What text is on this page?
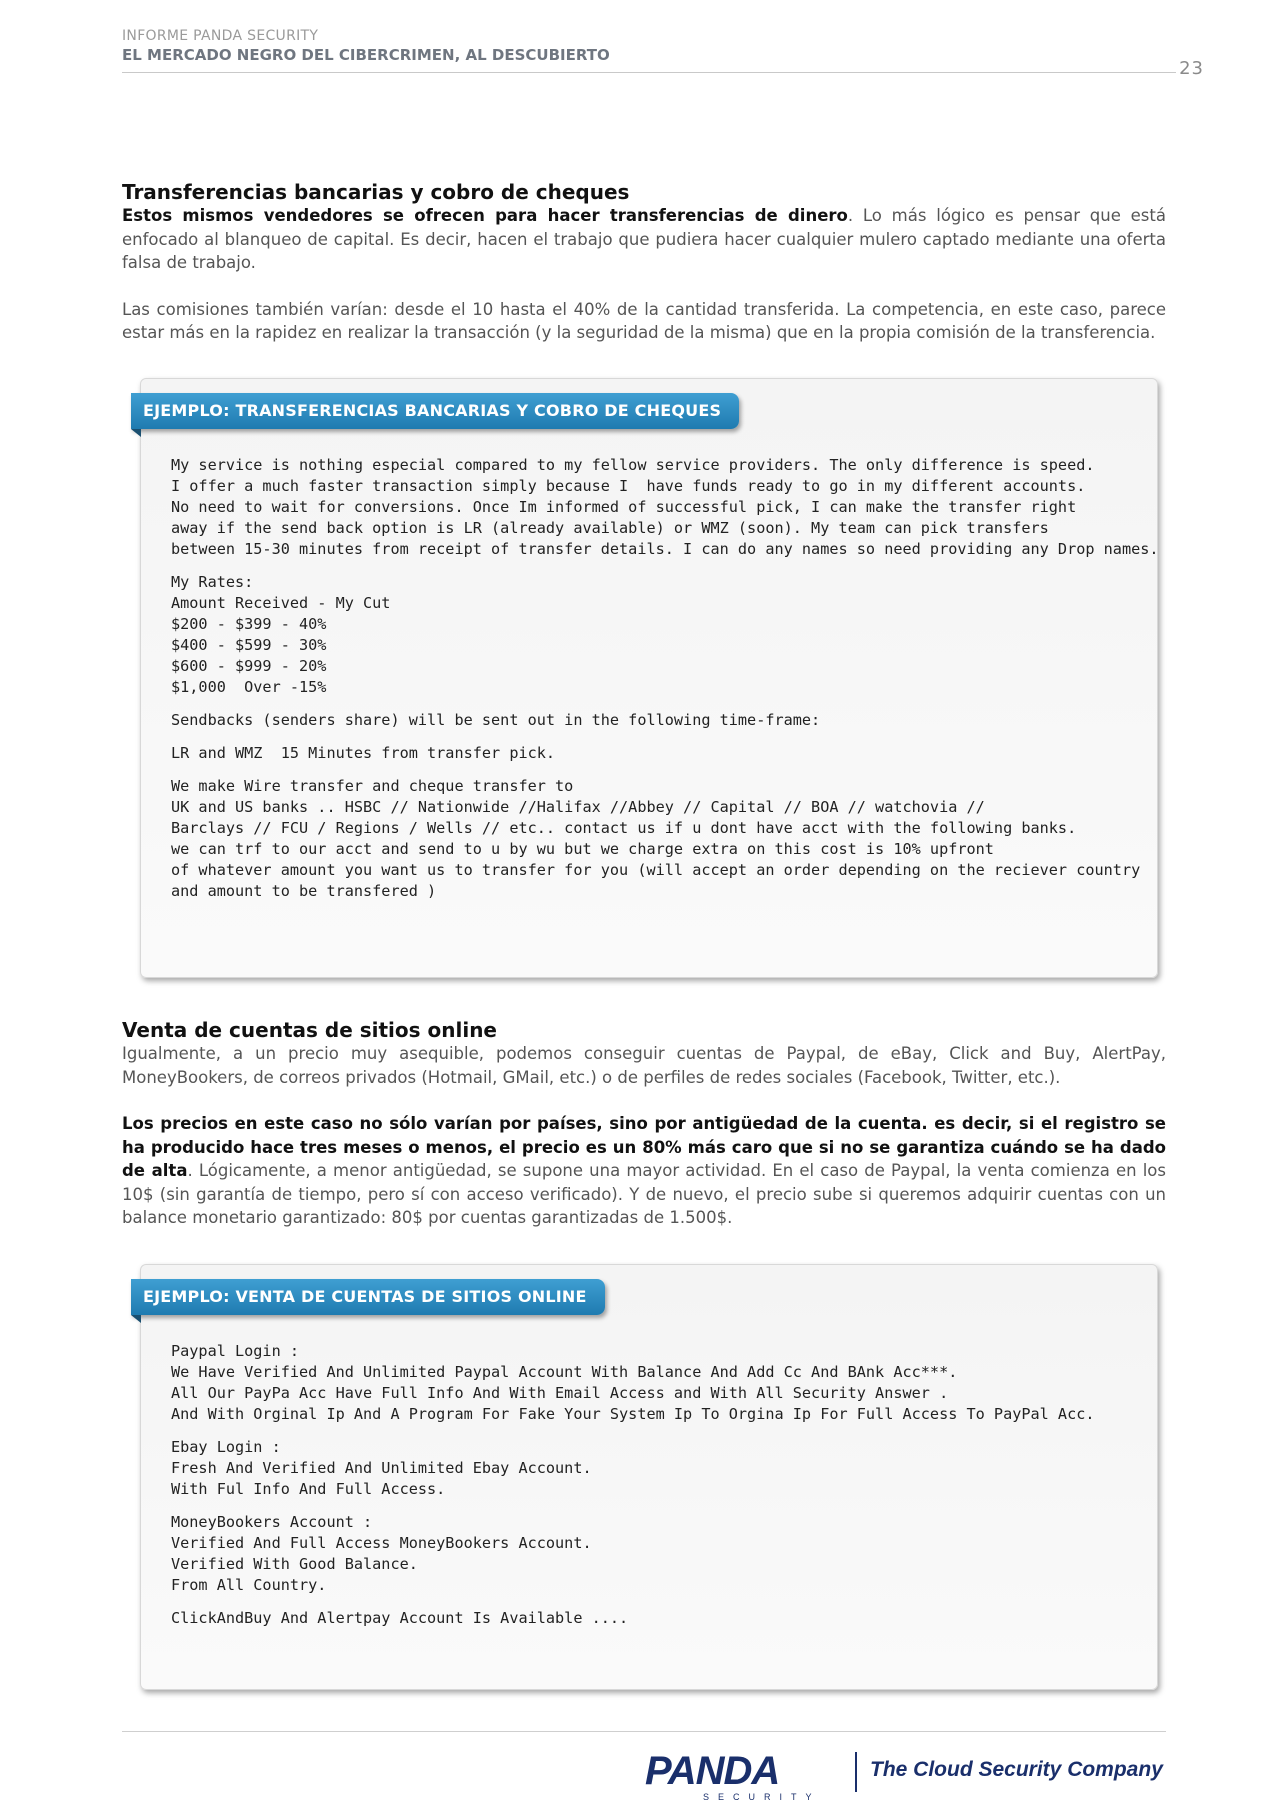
INFORME PANDA SECURITY
EL MERCADO NEGRO DEL CIBERCRIMEN, AL DESCUBIERTO
23
Transferencias bancarias y cobro de cheques

Estos mismos vendedores se ofrecen para hacer transferencias de dinero. Lo más lógico es pensar que está enfocado al blanqueo de capital. Es decir, hacen el trabajo que pudiera hacer cualquier mulero captado mediante una oferta falsa de trabajo.

Las comisiones también varían: desde el 10 hasta el 40% de la cantidad transferida. La competencia, en este caso, parece estar más en la rapidez en realizar la transacción (y la seguridad de la misma) que en la propia comisión de la transferencia.

EJEMPLO: TRANSFERENCIAS BANCARIAS Y COBRO DE CHEQUES
My service is nothing especial compared to my fellow service providers. The only difference is speed.
I offer a much faster transaction simply because I  have funds ready to go in my different accounts.
No need to wait for conversions. Once Im informed of successful pick, I can make the transfer right
away if the send back option is LR (already available) or WMZ (soon). My team can pick transfers
between 15-30 minutes from receipt of transfer details. I can do any names so need providing any Drop names.
My Rates:
Amount Received - My Cut
$200 - $399 - 40%
$400 - $599 - 30%
$600 - $999 - 20%
$1,000  Over -15%
Sendbacks (senders share) will be sent out in the following time-frame:
LR and WMZ  15 Minutes from transfer pick.
We make Wire transfer and cheque transfer to
UK and US banks .. HSBC // Nationwide //Halifax //Abbey // Capital // BOA // watchovia //
Barclays // FCU / Regions / Wells // etc.. contact us if u dont have acct with the following banks.
we can trf to our acct and send to u by wu but we charge extra on this cost is 10% upfront
of whatever amount you want us to transfer for you (will accept an order depending on the reciever country
and amount to be transfered )
Venta de cuentas de sitios online

Igualmente, a un precio muy asequible, podemos conseguir cuentas de Paypal, de eBay, Click and Buy, AlertPay, MoneyBookers, de correos privados (Hotmail, GMail, etc.) o de perfiles de redes sociales (Facebook, Twitter, etc.).

Los precios en este caso no sólo varían por países, sino por antigüedad de la cuenta. es decir, si el registro se ha producido hace tres meses o menos, el precio es un 80% más caro que si no se garantiza cuándo se ha dado de alta. Lógicamente, a menor antigüedad, se supone una mayor actividad. En el caso de Paypal, la venta comienza en los 10$ (sin garantía de tiempo, pero sí con acceso verificado). Y de nuevo, el precio sube si queremos adquirir cuentas con un balance monetario garantizado: 80$ por cuentas garantizadas de 1.500$.

EJEMPLO: VENTA DE CUENTAS DE SITIOS ONLINE
Paypal Login :
We Have Verified And Unlimited Paypal Account With Balance And Add Cc And BAnk Acc***.
All Our PayPa Acc Have Full Info And With Email Access and With All Security Answer .
And With Orginal Ip And A Program For Fake Your System Ip To Orgina Ip For Full Access To PayPal Acc.
Ebay Login :
Fresh And Verified And Unlimited Ebay Account.
With Ful Info And Full Access.
MoneyBookers Account :
Verified And Full Access MoneyBookers Account.
Verified With Good Balance.
From All Country.
ClickAndBuy And Alertpay Account Is Available ....
PANDA
SECURITY
The Cloud Security Company
